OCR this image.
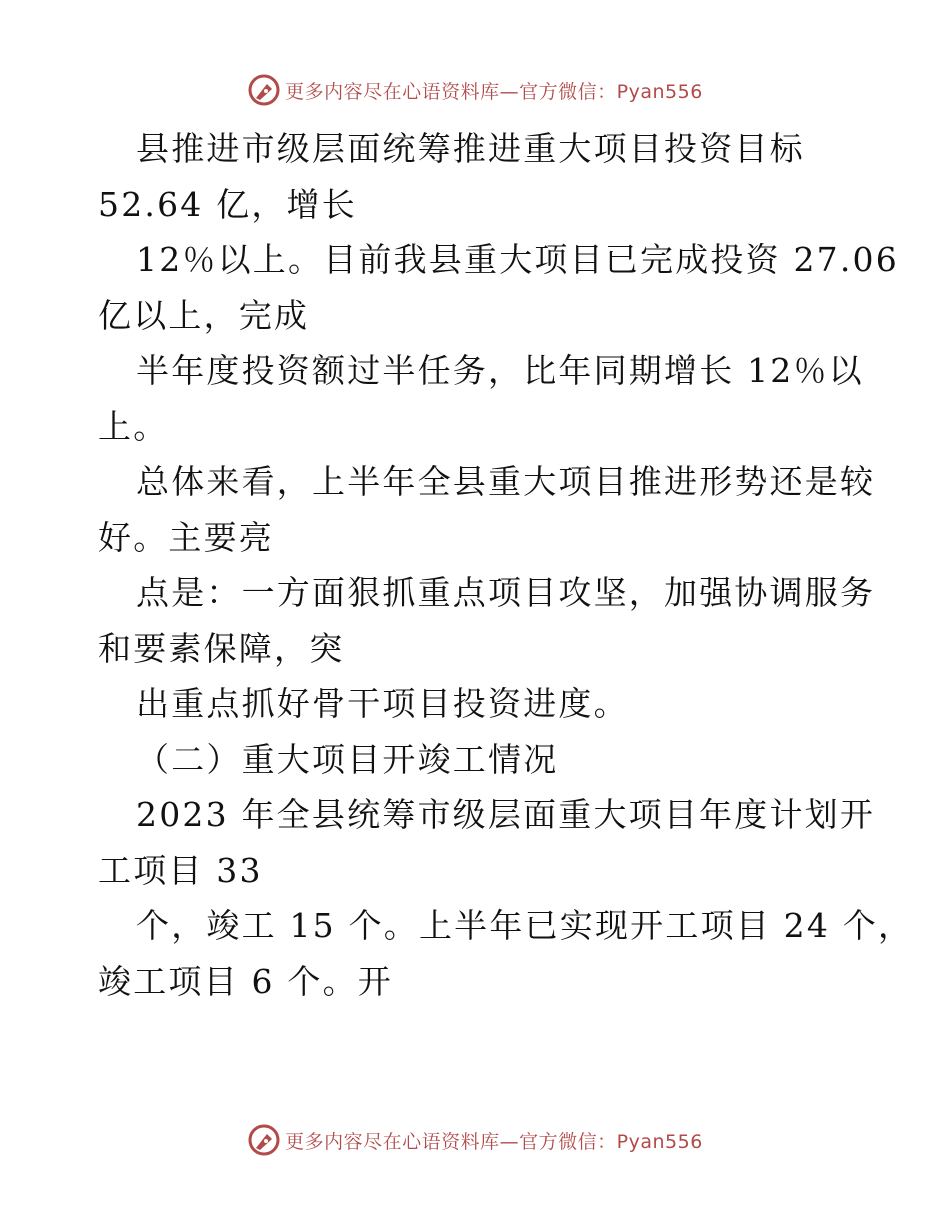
更多内容尽在心语资料库—官方微信：Pyan556
县推进市级层面统筹推进重大项目投资目标
52.64 亿，增长
12％以上。目前我县重大项目已完成投资 27.06
亿以上，完成
半年度投资额过半任务，比年同期增长 12％以
上。
总体来看，上半年全县重大项目推进形势还是较
好。主要亮
点是：一方面狠抓重点项目攻坚，加强协调服务
和要素保障，突
出重点抓好骨干项目投资进度。
（二）重大项目开竣工情况
2023 年全县统筹市级层面重大项目年度计划开
工项目 33
个，竣工 15 个。上半年已实现开工项目 24 个，
竣工项目 6 个。开
更多内容尽在心语资料库—官方微信：Pyan556
